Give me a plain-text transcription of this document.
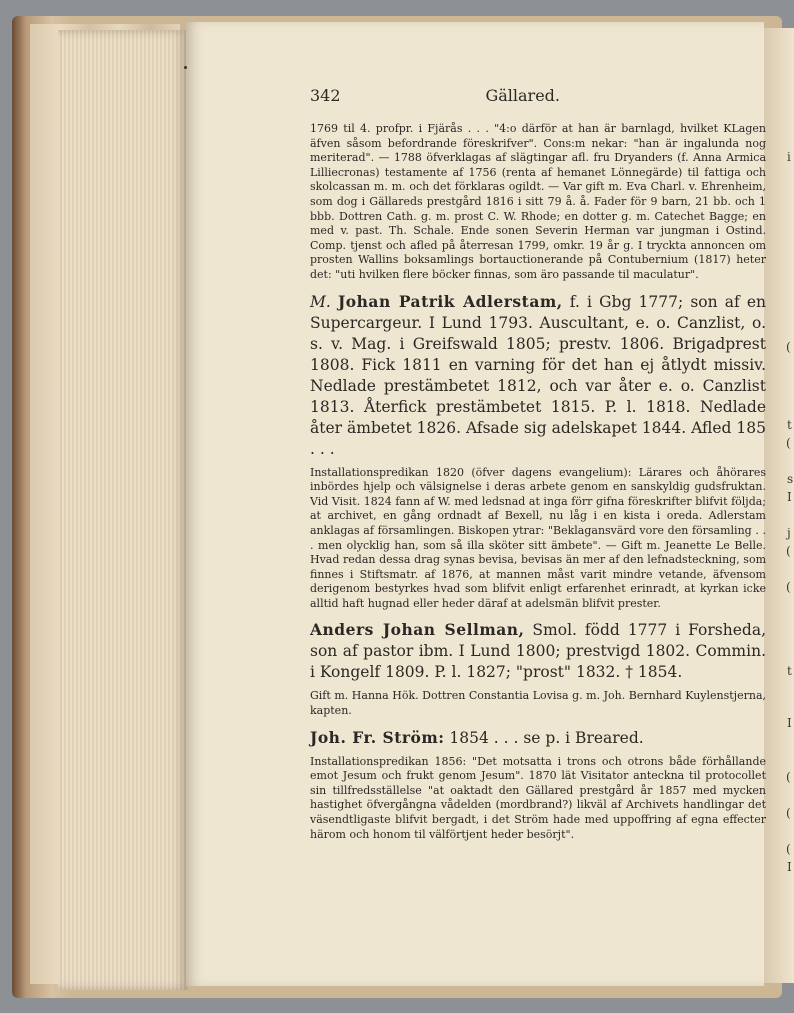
342	Gällared.

1769 til 4. profpr. i Fjärås . . . "4:o därför at han är barnlagd, hvilket KLagen äfven såsom befordrande föreskrifver". Cons:m nekar: "han är ingalunda nog meriterad". — 1788 öfverklagas af slägtingar afl. fru Dryanders (f. Anna Armica Lilliecronas) testamente af 1756 (renta af hemanet Lönnegärde) til fattiga och skolcassan m. m. och det förklaras ogildt. — Var gift m. Eva Charl. v. Ehrenheim, som dog i Gällareds prestgård 1816 i sitt 79 å. å. Fader för 9 barn, 21 bb. och 1 bbb. Dottren Cath. g. m. prost C. W. Rhode; en dotter g. m. Catechet Bagge; en med v. past. Th. Schale. Ende sonen Severin Herman var jungman i Ostind. Comp. tjenst och afled på återresan 1799, omkr. 19 år g. I tryckta annoncen om prosten Wallins boksamlings bortauctionerande på Contubernium (1817) heter det: "uti hvilken flere böcker finnas, som äro passande til maculatur".

M. Johan Patrik Adlerstam, f. i Gbg 1777; son af en Supercargeur. I Lund 1793. Auscultant, e. o. Canzlist, o. s. v. Mag. i Greifswald 1805; prestv. 1806. Brigadprest 1808. Fick 1811 en varning för det han ej åtlydt missiv. Nedlade prestämbetet 1812, och var åter e. o. Canzlist 1813. Återfick prestämbetet 1815. P. l. 1818. Nedlade åter ämbetet 1826. Afsade sig adelskapet 1844. Afled 185 . . .

Installationspredikan 1820 (öfver dagens evangelium): Lärares och åhörares inbördes hjelp och välsignelse i deras arbete genom en sanskyldig gudsfruktan. Vid Visit. 1824 fann af W. med ledsnad at inga förr gifna föreskrifter blifvit följda; at archivet, en gång ordnadt af Bexell, nu låg i en kista i oreda. Adlerstam anklagas af församlingen. Biskopen ytrar: "Beklagansvärd vore den församling . . . men olycklig han, som så illa sköter sitt ämbete". — Gift m. Jeanette Le Belle. Hvad redan dessa drag synas bevisa, bevisas än mer af den lefnadsteckning, som finnes i Stiftsmatr. af 1876, at mannen måst varit mindre vetande, äfvensom derigenom bestyrkes hvad som blifvit enligt erfarenhet erinradt, at kyrkan icke alltid haft hugnad eller heder däraf at adelsmän blifvit prester.

Anders Johan Sellman, Smol. född 1777 i Forsheda, son af pastor ibm. I Lund 1800; prestvigd 1802. Commin. i Kongelf 1809. P. l. 1827; "prost" 1832. † 1854.

Gift m. Hanna Hök. Dottren Constantia Lovisa g. m. Joh. Bernhard Kuylenstjerna, kapten.

Joh. Fr. Ström: 1854 . . . se p. i Breared.

Installationspredikan 1856: "Det motsatta i trons och otrons både förhållande emot Jesum och frukt genom Jesum". 1870 lät Visitator anteckna til protocollet sin tillfredsställelse "at oaktadt den Gällared prestgård år 1857 med mycken hastighet öfvergångna vådelden (mordbrand?) likväl af Archivets handlingar det väsendtligaste blifvit bergadt, i det Ström hade med uppoffring af egna effecter härom och honom til välförtjent heder besörjt".

i
(
t
(
s
I
j
(
(
t
I
(
(
(
I
